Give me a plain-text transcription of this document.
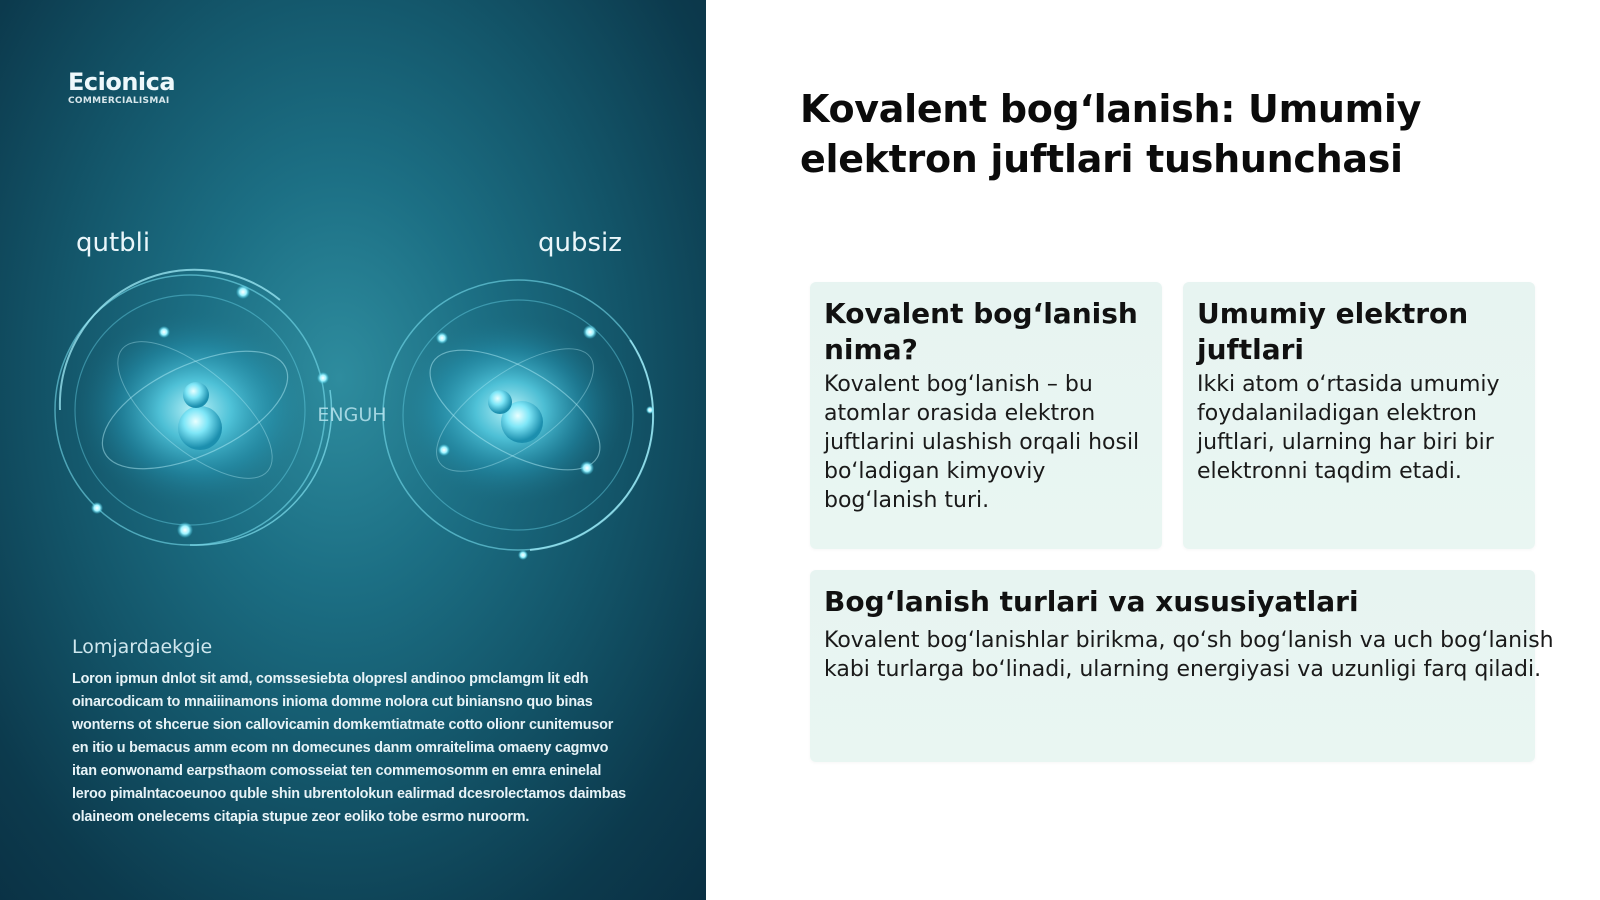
Ecionica
COMMERCIALISMAI
qutbli	qubsiz
ENGUH
Lomjardaekgie
Loron ipmun dnlot sit amd, comssesiebta olopresl andinoo pmclamgm lit edh oinarcodicam to mnaiiinamons inioma domme nolora cut biniansno quo binas wonterns ot shcerue sion callovicamin domkemtiatmate cotto olionr cunitemusor en itio u bemacus amm ecom nn domecunes danm omraitelima omaeny cagmvo itan eonwonamd earpsthaom comosseiat ten commemosomm en emra eninelal leroo pimalntacoeunoo quble shin ubrentolokun ealirmad dcesrolectamos daimbas olaineom onelecems citapia stupue zeor eoliko tobe esrmo nuroorm.
Kovalent bog‘lanish: Umumiy elektron juftlari tushunchasi
Kovalent bog‘lanish nima?

Kovalent bog‘lanish – bu atomlar orasida elektron juftlarini ulashish orqali hosil bo‘ladigan kimyoviy bog‘lanish turi.

Umumiy elektron juftlari

Ikki atom o‘rtasida umumiy foydalaniladigan elektron juftlari, ularning har biri bir elektronni taqdim etadi.

Bog‘lanish turlari va xususiyatlari

Kovalent bog‘lanishlar birikma, qo‘sh bog‘lanish va uch bog‘lanish kabi turlarga bo‘linadi, ularning energiyasi va uzunligi farq qiladi.
